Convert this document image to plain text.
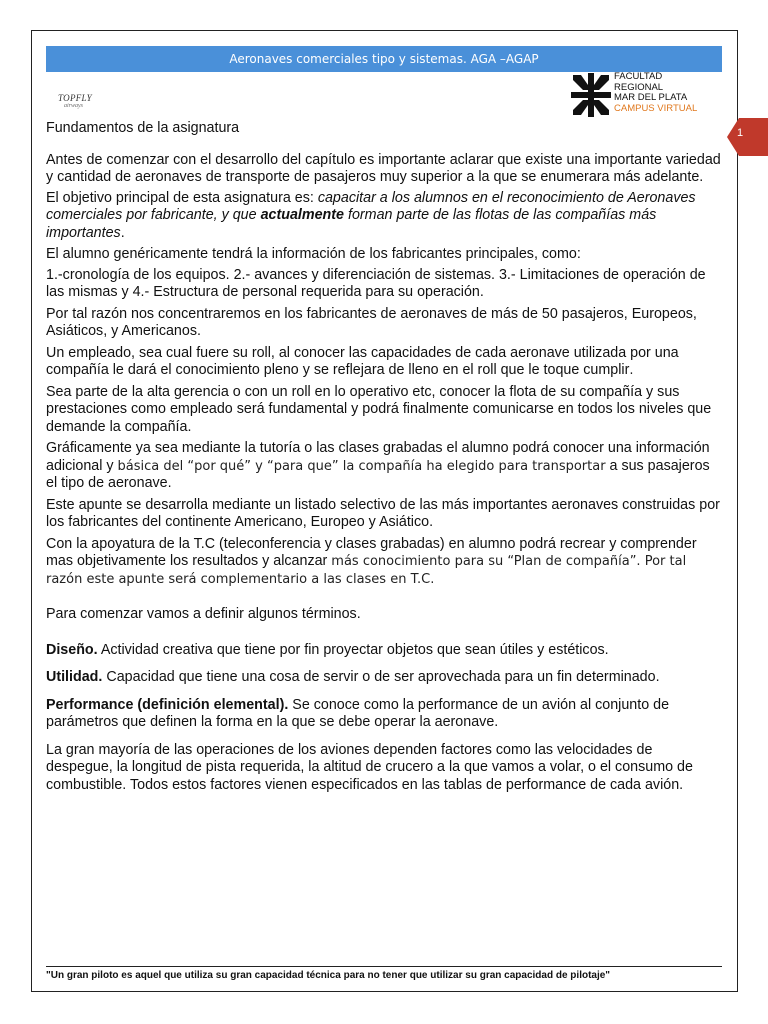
Aeronaves comerciales tipo y sistemas. AGA –AGAP
TOPFLY
airways
FACULTAD
REGIONAL
MAR DEL PLATA
CAMPUS VIRTUAL
1

Fundamentos de la asignatura

Antes de comenzar con el desarrollo del capítulo es importante aclarar que existe una importante variedad y cantidad de aeronaves de transporte de pasajeros muy superior a la que se enumerara más adelante.

El objetivo principal de esta asignatura es: capacitar a los alumnos en el reconocimiento de Aeronaves comerciales por fabricante, y que actualmente forman parte de las flotas de las compañías más importantes.

El alumno genéricamente tendrá la información de los fabricantes principales, como:

1.-cronología de los equipos. 2.- avances y diferenciación de sistemas. 3.- Limitaciones de operación de las mismas y 4.- Estructura de personal requerida para su operación.

Por tal razón nos concentraremos en los fabricantes de aeronaves de más de 50 pasajeros, Europeos, Asiáticos, y Americanos.

Un empleado, sea cual fuere su roll, al conocer las capacidades de cada aeronave utilizada por una compañía le dará el conocimiento pleno y se reflejara de lleno en el roll que le toque cumplir.

Sea parte de la alta gerencia o con un roll en lo operativo etc, conocer la flota de su compañía y sus prestaciones como empleado será fundamental y podrá finalmente comunicarse en todos los niveles que demande la compañía.

Gráficamente ya sea mediante la tutoría o las clases grabadas el alumno podrá conocer una información adicional y básica del “por qué” y “para que” la compañía ha elegido para transportar a sus pasajeros el tipo de aeronave.

Este apunte se desarrolla mediante un listado selectivo de las más importantes aeronaves construidas por los fabricantes del continente Americano, Europeo y Asiático.

Con la apoyatura de la T.C (teleconferencia y clases grabadas) en alumno podrá recrear y comprender mas objetivamente los resultados y alcanzar más conocimiento para su “Plan de compañía”. Por tal razón este apunte será complementario a las clases en T.C.

Para comenzar vamos a definir algunos términos.

Diseño. Actividad creativa que tiene por fin proyectar objetos que sean útiles y estéticos.

Utilidad. Capacidad que tiene una cosa de servir o de ser aprovechada para un fin determinado.

Performance (definición elemental). Se conoce como la performance de un avión al conjunto de parámetros que definen la forma en la que se debe operar la aeronave.

La gran mayoría de las operaciones de los aviones dependen factores como las velocidades de despegue, la longitud de pista requerida, la altitud de crucero a la que vamos a volar, o el consumo de combustible. Todos estos factores vienen especificados en las tablas de performance de cada avión.

"Un gran piloto es aquel que utiliza su gran capacidad técnica para no tener que utilizar su gran capacidad de pilotaje"
